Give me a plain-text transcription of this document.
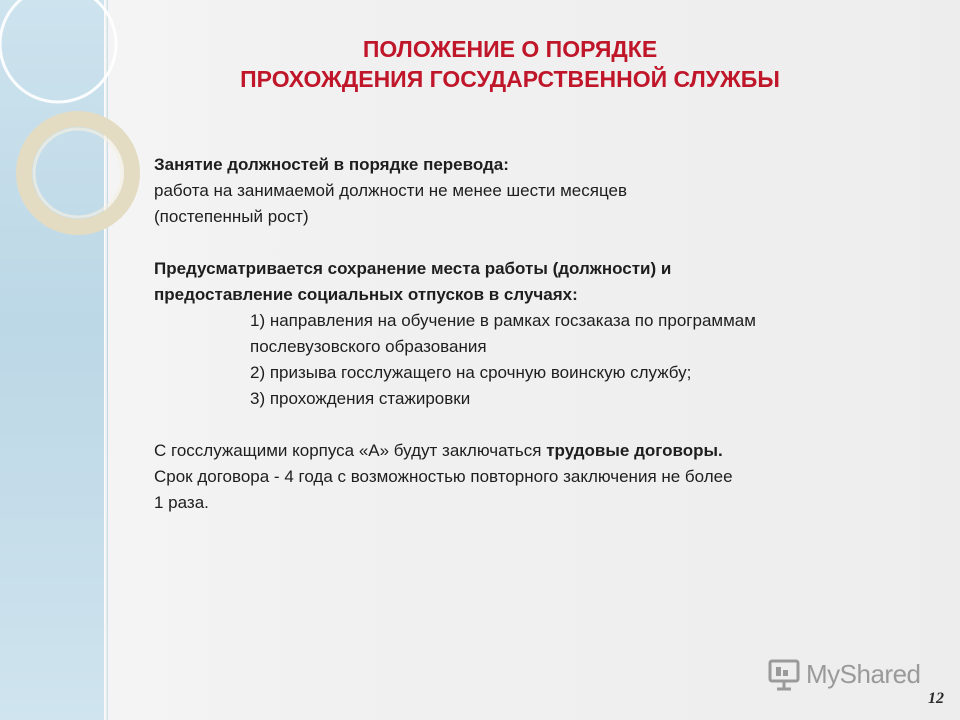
ПОЛОЖЕНИЕ О ПОРЯДКЕ
ПРОХОЖДЕНИЯ ГОСУДАРСТВЕННОЙ СЛУЖБЫ
Занятие должностей в порядке перевода:
работа на занимаемой должности не менее шести месяцев
(постепенный рост)
Предусматривается сохранение места работы (должности) и
предоставление социальных отпусков в случаях:
1) направления на обучение в рамках госзаказа по программам
послевузовского образования
2) призыва госслужащего на срочную воинскую службу;
3) прохождения стажировки
С госслужащими корпуса «А» будут заключаться трудовые договоры.
Срок договора - 4 года с возможностью повторного заключения не более
1 раза.
MyShared
12
